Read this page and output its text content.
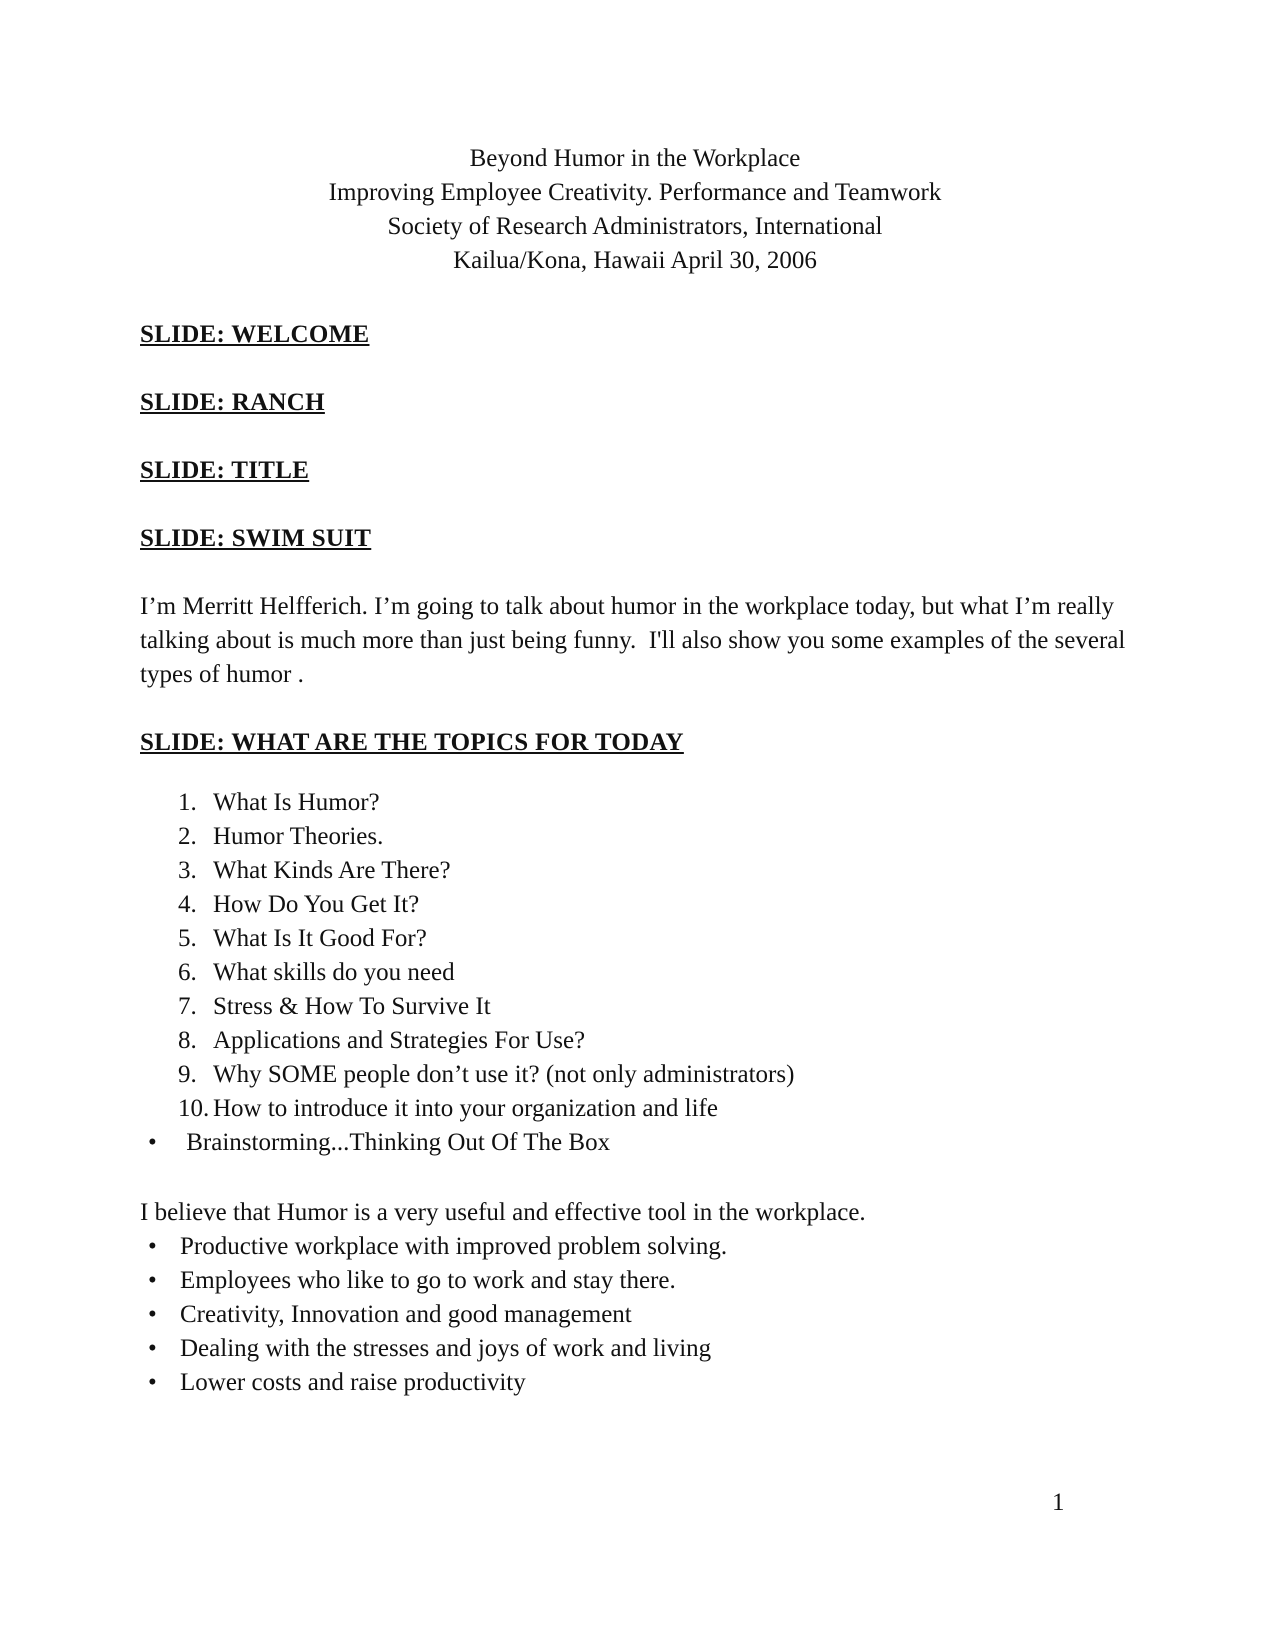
Beyond Humor in the Workplace
Improving Employee Creativity. Performance and Teamwork
Society of Research Administrators, International
Kailua/Kona, Hawaii April 30, 2006
SLIDE: WELCOME
SLIDE: RANCH
SLIDE: TITLE
SLIDE: SWIM SUIT

I’m Merritt Helfferich. I’m going to talk about humor in the workplace today, but what I’m really talking about is much more than just being funny.  I'll also show you some examples of the several types of humor .

SLIDE: WHAT ARE THE TOPICS FOR TODAY
1. What Is Humor?
2. Humor Theories.
3. What Kinds Are There?
4. How Do You Get It?
5. What Is It Good For?
6. What skills do you need
7. Stress & How To Survive It
8. Applications and Strategies For Use?
9. Why SOME people don’t use it? (not only administrators)
10. How to introduce it into your organization and life
• Brainstorming...Thinking Out Of The Box

I believe that Humor is a very useful and effective tool in the workplace.

• Productive workplace with improved problem solving.
• Employees who like to go to work and stay there.
• Creativity, Innovation and good management
• Dealing with the stresses and joys of work and living
• Lower costs and raise productivity
1
